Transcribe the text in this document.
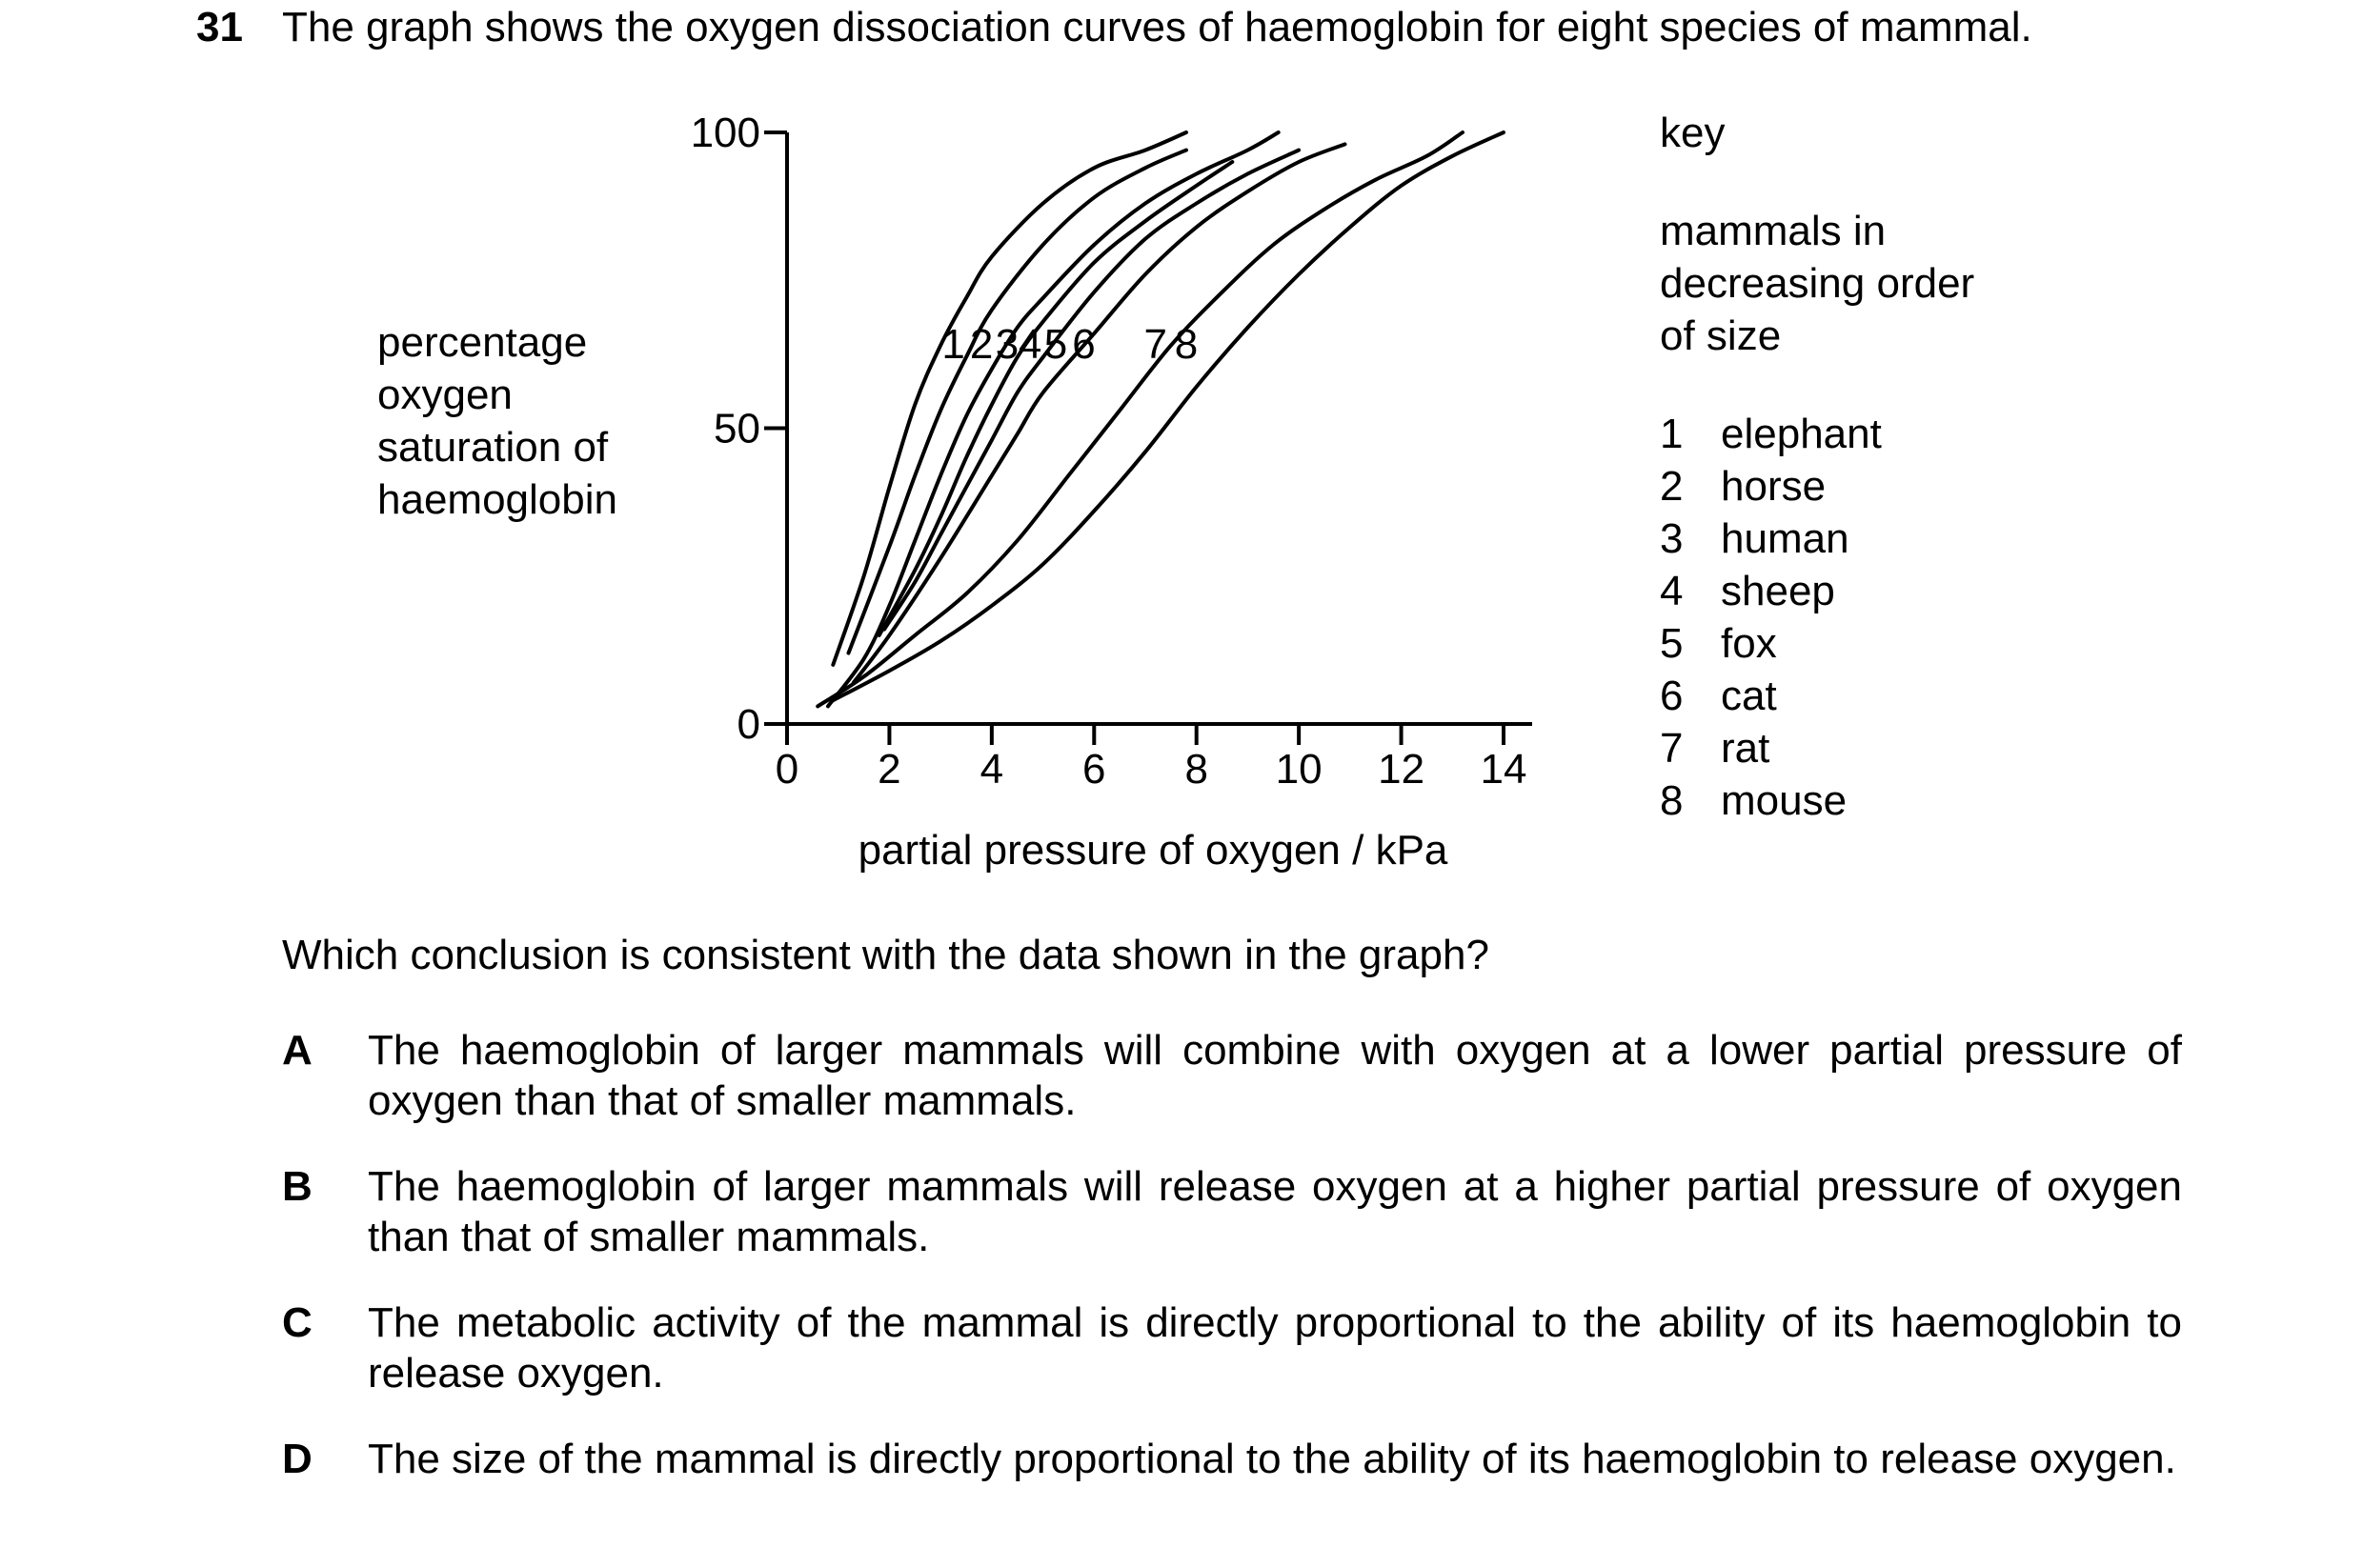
31 The graph shows the oxygen dissociation curves of haemoglobin for eight species of mammal.
percentage
oxygen
saturation of
haemoglobin
0 2 4 6 8 10 12 14
0
50
100
1 2 3 4 5 6 7 8
partial pressure of oxygen / kPa
key
mammals in
decreasing order
of size
1 elephant
2 horse
3 human
4 sheep
5 fox
6 cat
7 rat
8 mouse
Which conclusion is consistent with the data shown in the graph?
A The haemoglobin of larger mammals will combine with oxygen at a lower partial pressure of oxygen than that of smaller mammals.
B The haemoglobin of larger mammals will release oxygen at a higher partial pressure of oxygen than that of smaller mammals.
C The metabolic activity of the mammal is directly proportional to the ability of its haemoglobin to release oxygen.
D The size of the mammal is directly proportional to the ability of its haemoglobin to release oxygen.
